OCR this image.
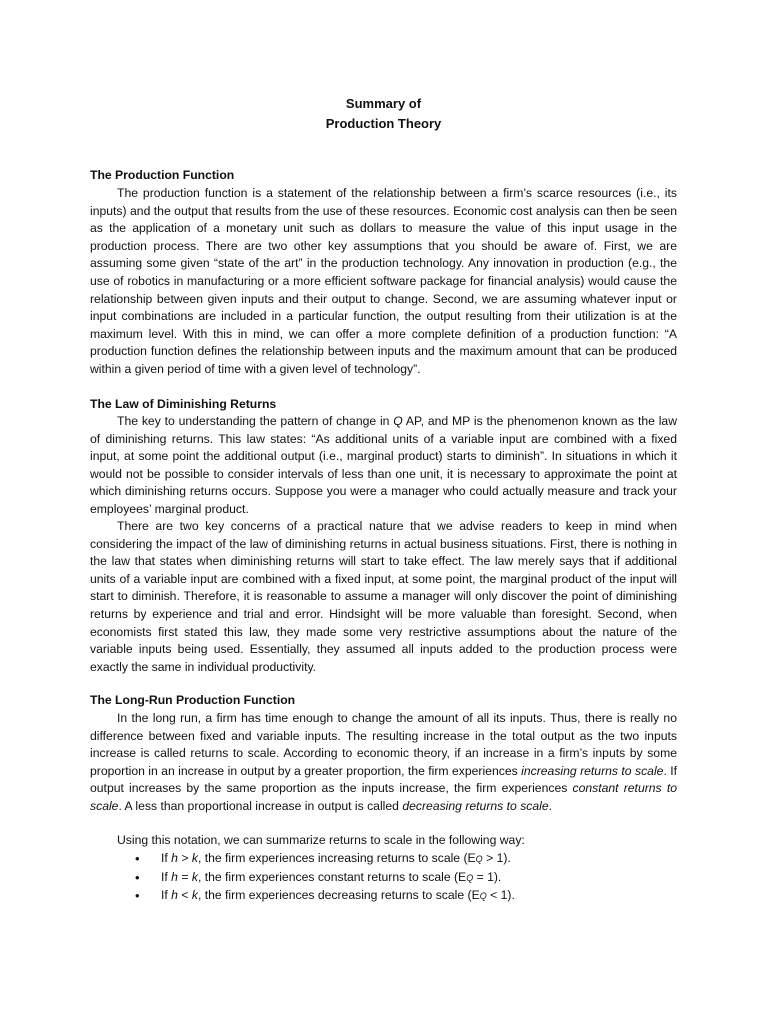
Summary of
Production Theory
The Production Function
The production function is a statement of the relationship between a firm’s scarce resources (i.e., its inputs) and the output that results from the use of these resources. Economic cost analysis can then be seen as the application of a monetary unit such as dollars to measure the value of this input usage in the production process. There are two other key assumptions that you should be aware of. First, we are assuming some given “state of the art” in the production technology. Any innovation in production (e.g., the use of robotics in manufacturing or a more efficient software package for financial analysis) would cause the relationship between given inputs and their output to change. Second, we are assuming whatever input or input combinations are included in a particular function, the output resulting from their utilization is at the maximum level. With this in mind, we can offer a more complete definition of a production function: “A production function defines the relationship between inputs and the maximum amount that can be produced within a given period of time with a given level of technology”.
The Law of Diminishing Returns
The key to understanding the pattern of change in Q AP, and MP is the phenomenon known as the law of diminishing returns. This law states: “As additional units of a variable input are combined with a fixed input, at some point the additional output (i.e., marginal product) starts to diminish”. In situations in which it would not be possible to consider intervals of less than one unit, it is necessary to approximate the point at which diminishing returns occurs. Suppose you were a manager who could actually measure and track your employees’ marginal product.
There are two key concerns of a practical nature that we advise readers to keep in mind when considering the impact of the law of diminishing returns in actual business situations. First, there is nothing in the law that states when diminishing returns will start to take effect. The law merely says that if additional units of a variable input are combined with a fixed input, at some point, the marginal product of the input will start to diminish. Therefore, it is reasonable to assume a manager will only discover the point of diminishing returns by experience and trial and error. Hindsight will be more valuable than foresight. Second, when economists first stated this law, they made some very restrictive assumptions about the nature of the variable inputs being used. Essentially, they assumed all inputs added to the production process were exactly the same in individual productivity.
The Long-Run Production Function
In the long run, a firm has time enough to change the amount of all its inputs. Thus, there is really no difference between fixed and variable inputs. The resulting increase in the total output as the two inputs increase is called returns to scale. According to economic theory, if an increase in a firm’s inputs by some proportion in an increase in output by a greater proportion, the firm experiences increasing returns to scale. If output increases by the same proportion as the inputs increase, the firm experiences constant returns to scale. A less than proportional increase in output is called decreasing returns to scale.
Using this notation, we can summarize returns to scale in the following way:
• If h > k, the firm experiences increasing returns to scale (EQ > 1).
• If h = k, the firm experiences constant returns to scale (EQ = 1).
• If h < k, the firm experiences decreasing returns to scale (EQ < 1).
